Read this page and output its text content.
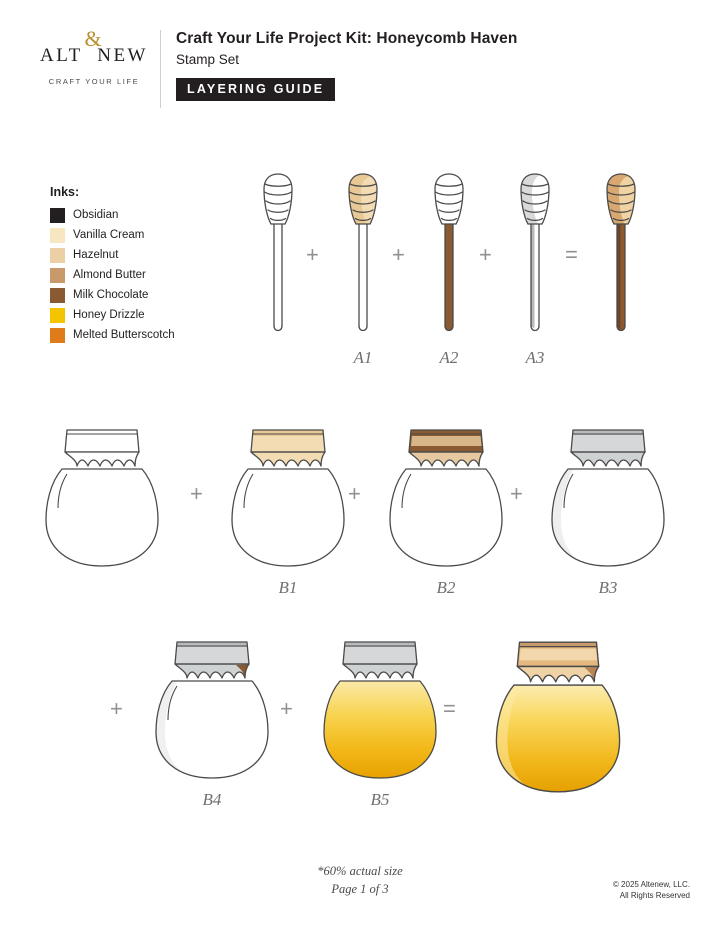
ALT
&
NEW
CRAFT YOUR LIFE
Craft Your Life Project Kit: Honeycomb Haven
Stamp Set
LAYERING GUIDE
Inks:
Obsidian
Vanilla Cream
Hazelnut
Almond Butter
Milk Chocolate
Honey Drizzle
Melted Butterscotch
+
A1
+
A2
+
A3
=
+
B1
+
B2
+
B3
+
B4
+
B5
=
*60% actual size
Page 1 of 3	© 2025 Altenew, LLC.
All Rights Reserved
